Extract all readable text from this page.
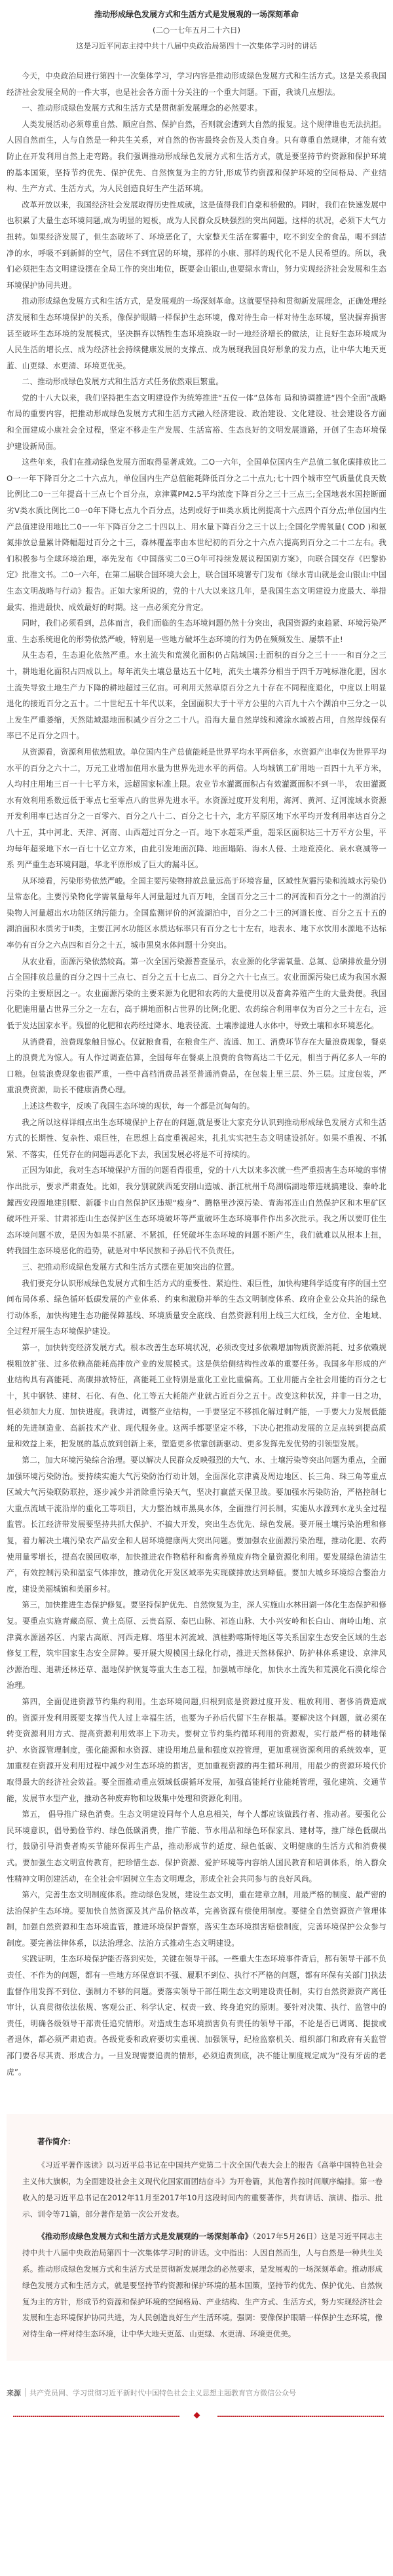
推动形成绿色发展方式和生活方式是发展观的一场深刻革命

(二○一七年五月二十六日)

这是习近平同志主持中共十八届中央政治局第四十一次集体学习时的讲话

今天，中央政治局进行第四十一次集体学习，学习内容是推动形成绿色发展方式和生活方式。这是关系我国经济社会发展全局的一件大事，也是社会各方面十分关注的一个重大问题。下面，我谈几点想法。

一、推动形成绿色发展方式和生活方式是贯彻新发展理念的必然要求。

人类发展活动必须尊重自然、顺应自然、保护自然，否则就会遭到大自然的报复。这个规律谁也无法抗拒。人因自然而生，人与自然是一种共生关系，对自然的伤害最终会伤及人类自身。只有尊重自然规律，才能有效防止在开发利用自然上走弯路。我们强调推动形成绿色发展方式和生活方式，就是要坚持节约资源和保护环境的基本国策，坚持节约优先、保护优先、自然恢复为主的方针,形成节约资源和保护环境的空间格局、产业结构、生产方式、生活方式，为人民创造良好生产生活环境。

改革开放以来，我国经济社会发展取得历史性成就，这是值得我们自豪和骄傲的。同时，我们在快速发展中也积累了大量生态环境问题,成为明显的短板，成为人民群众反映强烈的突出问题。这样的状况，必须下大气力扭转。如果经济发展了，但生态破坏了、环境恶化了，大家整天生活在雾霾中，吃不到安全的食品，喝不到洁净的水，呼吸不到新鲜的空气，居住不到宜居的环境，那样的小康、那样的现代化不是人民希望的。所以，我们必须把生态文明建设摆在全局工作的突出地位，既要金山银山,也要绿水青山，努力实现经济社会发展和生态环境保护协同共进。

推动形成绿色发展方式和生活方式，是发展观的一场深刻革命。这就要坚持和贯彻新发展理念，正确处理经济发展和生态环境保护的关系，像保护眼睛一样保护生态环境，像对待生命一样对待生态环境，坚决摒弃损害甚至破坏生态环境的发展模式，坚决摒弃以牺牲生态环境换取一时一地经济增长的做法，让良好生态环境成为人民生活的增长点、成为经济社会持续健康发展的支撑点、成为展现我国良好形象的发力点，让中华大地天更蓝、山更绿、水更清、环境更优美。

二、推动形成绿色发展方式和生活方式任务依然艰巨繁重。

党的十八大以来，我们坚持把生态文明建设作为统筹推进“五位一体”总体布 局和协调推进“四个全面”战略布局的重要内容，把推动形成绿色发展方式和生活方式融入经济建设、政治建设、文化建设、社会建设各方面和全面建成小康社会全过程，坚定不移走生产发展、生活富裕、生态良好的文明发展道路，开创了生态环境保护建设新局面。

这些年来，我们在推动绿色发展方面取得显著成效。二O一六年，全国单位国内生产总值二氧化碳排放比二O一一年下降百分之二十六点九，单位国内生产总值能耗降低百分之二十点九;七十四个城市空气质量优良天数比例比二0一三年提高十三点七个百分点，京津冀PM2.5平均浓度下降百分之三十三点三;全国地表水国控断面劣V类水质比例比二0一0年下降七点九个百分点，达到或好于III类水质比例提高十六点四个百分点;单位国内生产总值建设用地比二0一一年下降百分之二十四以上、用水量下降百分之三十以上;全国化学需氧量( COD )和氨氮排放总量累计降幅超过百分之十三，森林覆盖率由本世纪初的百分之十六点六提高到百分之二十二左右。我们积极参与全球环境治理，率先发布《中国落实二0三O年可持续发展议程国别方案》，向联合国交存《巴黎协定》批准文书。二0一六年，在第二届联合国环境大会上，联合国环境署专门发布《绿水青山就是金山银山:中国生态文明战略与行动》报告。正如大家所说的，党的十八大以来这几年，是我国生态文明建设力度最大、举措最实、推进最快、成效最好的时期。这一点必须充分肯定。

同时，我们必须看到，总体而言，我们面临的生态环境问题仍然十分突出，我国资源约束趋紧、环境污染严重、生态系统退化的形势依然严峻，特别是一些地方破坏生态环境的行为仍在频频发生、屡禁不止!

从生态看，生态退化依然严重。水土流失和荒漠化面积仍占陆域国:土面积的百分之三十一一和百分之三十，耕地退化面积占四成以上。每年流失土壤总量达五十亿吨，流失土壤养分相当于四千万吨标准化肥，因水土流失导致土地生产力下降的耕地超过三亿亩。可利用天然草原百分之九十存在不同程度退化，中度以上明显退化的接近百分之五十。二十世纪五十年代以来，全国面积大于十平方公里的六百九十六个湖泊中三分之一以上发生严重萎缩，天然陆域湿地面积减少百分之二十八。沿海大量自然岸线和滩涂水域被占用，自然岸线保有率已不足百分之四十。

从资源看，资源利用依然粗放。单位国内生产总值能耗是世界平均水平两倍多，水资源产出率仅为世界平均水平的百分之六十二，万元工业增加值用水量为世界先进水平的两倍。人均城镇工矿用地一百四十九平方米，人均村庄用地三百一十七平方米，远超国家标准上限。农业节水灌溉面积占有效灌溉面积不到一半， 农田灌溉水有效利用系数远低于零点七至零点八的世界先进水平。水资源过度开发利用，海河、黄河、辽河流域水资源开发利用率已达百分之一百零六、百分之八十二、百分之七十六，北方平原区地下水平均开发利用率达百分之八十五，其中河北、天津、河南、山西超过百分之一百。地下水超采严重，超采区面积达三十万平方公里，平均每年超采地下水一百七十亿立方米，由此引发地面沉降、地面塌陷、海水人侵、土地荒漠化、泉水衰减等一系 列严重生态环境问题，华北平原形成了巨大的漏斗区。

从环境看，污染形势依然严峻。全国主要污染物排放总量远高于环境容量，区域性灰霾污染和流域水污染仍呈常态化。主要污染物化学需氧量每年人河量超过九百万吨，全国百分之三十二的河流和百分之十一的湖泊污染物人河量超出水功能区纳污能力。全国监测评价的河流湖泊中，百分之二十三的河道长度、百分之五十五的湖泊面积水质劣于II类，主要江河水功能区水质达标率只有百分之七十左右，地表水、地下水饮用水源地不达标率仍有百分之六点四和百分之十五，城市黑臭水体问题十分突出。

从农业看，面源污染依然较高。第一次全国污染源普查显示，农业源的化学需氧量、总氮、总磷排放量分别占全国排放总量的百分之四十三点七、百分之五十七点二、百分之六十七点三。农业面源污染已成为我国水源污染的主要原因之一。农业面源污染的主要来源为化肥和农药的大量使用以及畜禽养殖产生的大量粪便。我国化肥施用量占世界三分之一左右，高于耕地面积占世界的比例;化肥、农药综合利用率仅为百分之三十左右，远低于发达国家水平。残留的化肥和农药经过降水、地表径流、土壤渗滤进人水体中，导致土壤和水环境恶化。

从消费看，浪费现象触目惊心。仅就粮食看，在粮食生产、流通、加工、消费环节存在大量浪费现象，餐桌上的浪费尤为惊人。有人作过调查估算，全国每年在餐桌上浪费的食物高达二千亿元，相当于两亿多人一年的口粮。包装浪费现象也很严重，一些中高档消费品甚至普通消费品，在包装上里三层、外三层。过度包装，严重浪费资源，助长不健康消费心理。

上述这些数字，反映了我国生态环境的现状，每一个都是沉甸甸的。

我之所以这样详细点出生态环境保护上存在的问题,就是要让大家充分认识到推动形成绿色发展方式和生活方式的长期性、复杂性、艰巨性，在思想上高度重视起来，扎扎实实把生态文明建设抓好。如果不重视、不抓紧、不落实，任凭存在的问题再恶化下去，我国发展必将是不可持续的。

正因为如此，我对生态环境保护方面的问题看得很重，党的十八大以来多次就一些严重损害生态环境的事情作出批示，要求严肃查处。比如，我分别就陕西延安削山造城、浙江杭州千岛湖临湖地带违规搞建设、秦岭北麓西安段圈地建别墅、新疆卡山自然保护区违规“瘦身”、腾格里沙漠污染、青海祁连山自然保护区和木里矿区破坏性开采、甘肃祁连山生态保护区生态环境破坏等严重破坏生态环境事件作出多次批示。我之所以要盯住生态环境问题不放，是因为如果不抓紧、不紧抓，任凭破坏生态环境的问题不断产生，我们就难以从根本上扭，转我国生态环境恶化的趋势，就是对中华民族和子孙后代不负责任。

三、把推动形成绿色发展方式和生活方式摆在更加突出的位置。

我们要充分认识形成绿色发展方式和生活方式的重要性、紧迫性、艰巨性，加快构建科学适度有序的国土空间布局体系、绿色循环低碳发展的产业体系、约束和激励并举的生态文明制度体系、政府企业公众共治的绿色行动体系，加快构建生态功能保障基线、环境质量安全底线、自然资源利用上线三大红线，全方位、全地域、全过程开展生态环境保护建设。

第一，加快转变经济发展方式。根本改善生态环境状况，必须改变过多依赖增加物质资源消耗、过多依赖规模粗放扩张、过多依赖高能耗高排放产业的发展模式。这是供给侧结构性改革的重要任务。我国多年形成的产业结构具有高能耗、高碳排放特征，高能耗工业特别是重化工业比重偏高。工业用能占全社会用能的百分之七十，其中钢铁、建材、石化、有色、化工等五大耗能产业就占近百分之五十。改变这种状况，并非一日之功，但必须加大力度、加快进度。我讲过，调整产业结构，一手要坚定不移抓化解过剩产能，一手要大力发展低能耗的先进制造业、高新技术产业、现代服务业。这两手都要坚定不移，下决心把推动发展的立足点转到提高质量和效益上来，把发展的基点放到创新上来，塑造更多依靠创新驱动、更多发挥先发优势的引领型发展。

第二，加大环境污染综合治理。要以解决人民群众反映强烈的大气、水、土壤污染等突出问题为重点，全面加强环境污染防治。要持续实施大气污染防治行动计划，全面深化京津冀及周边地区、长三角、珠三角等重点区域大气污染联防联控，逐步减少并消除重污染天气，坚决打赢蓝天保卫战。要加强水污染防治，严格控制七大重点流域干流沿岸的重化工等项目，大力整治城市黑臭水体，全面推行河长制，实施从水源到水龙头全过程监管。长江经济带发展要坚持共抓大保护、不搞大开发，突出生态优先、绿色发展。要开展土壤污染治理和修复，着力解决土壤污染农产品安全和人居环境健康两大突出问题。要加强农业面源污染治理，推动化肥、农药使用量零增长，提高农膜回收率，加快推进农作物秸秆和畜禽养殖废弃物全量资源化利用。要发展绿色清洁生产，有效控制污染和温室气体排放，推动优化开发区域率先实现碳排放达到峰值。要加大城乡环境综合整治力度，建设美丽城镇和美丽乡村。

第三，加快推进生态保护修复。要坚持保护优先、自然恢复为主，深人实施山水林田湖一体化生态保护和修复。要重点实施青藏高原、黄土高原、云贵高原、秦巴山脉、祁连山脉、大小兴安岭和长白山、南岭山地、京津冀水源涵养区、内蒙古高原、河西走廊、塔里木河流域、滇桂黔喀斯特地区等关系国家生态安全区域的生态修复工程，筑牢国家生态安全屏障。要开展大规模国土绿化行动，推进天然林保护、防护林体系建设、京津风沙源治理、退耕还林还草、湿地保护恢复等重大生态工程，加强城市绿化，加快水土流失和荒漠化石漠化综合治理。

第四，全面促进资源节约集约利用。生态环境问题,归根到底是资源过度开发、粗放利用、奢侈消费造成的。资源开发利用既要支撑当代人过上幸福生活，也要为子孙后代留下生存根基。要解决这个问题，就必须在转变资源利用方式、提高资源利用效率上下功夫。要树立节约集约循环利用的资源观，实行最严格的耕地保护、水资源管理制度，强化能源和水资源、建设用地总量和强度双控管理，更加重视资源利用的系统效率，更加重视在资源开发利用过程中减少对生态环境的损害，更加重视资源的再生循环利用，用最少的资源环境代价取得最大的经济社会效益。要全面推动重点领域低碳循环发展，加强高能耗行业能耗管理，强化建筑、交通节能，发展节水型产业，推动各种废弃物和垃圾集中处理和资源化利用。

第五， 倡导推广绿色消费。生态文明建设同每个人息息相关，每个人都应该做践行者、推动者。要强化公民环境意识，倡导勤俭节约、绿色低碳消费，推广节能、节水用品和绿色环保家具、建材等，推广绿色低碳出行，鼓励引导消费者购买节能环保再生产品，推动形成节约适度、绿色低碳、文明健康的生活方式和消费模式。要加强生态文明宣传教育，把珍惜生态、保护资源、爱护环境等内容纳人国民教育和培训体系，纳入群众性精神文明创建活动，在全社会牢固树立生态文明理念，形成全社会共同参与的良好风尚。

第六，完善生态文明制度体系。推动绿色发展，建设生态文明，重在建章立制，用最严格的制度、最严密的法治保护生态环境。要加快自然资源及其产品价格改革，完善资源有偿使用制度。要健全自然资源资产管理体制，加强自然资源和生态环境监管，推进环境保护督察，落实生态环境损害赔偿制度，完善环境保护公众参与制度。要完善法律体系，以法治理念、法治方式推动生态文明建设。

实践证明，生态环境保护能否落到实处，关键在领导干部。一些重大生态环境事件背后，都有领导干部不负责任、不作为的问题，都有一些地方环保意识不强、履职不到位、执行不严格的问题，都有环保有关部门]执法监督作用发挥不到位、强制力不够的问题。要落实领导干部任期生态文明建设责任制，实行自然资源资产离任审计，认真贯彻依法依规、客观公正、科学认定、权责一致、终身追究的原则。要针对决策、执行、监管中的责任，明确各级领导干部责任追究情形。对造成生态环境损害负有责任的领导干部，不论是否已调离、提拔或者退休，都必须严肃追责。各级党委和政府要切实重视、加强领导，纪检监察机关、组织部门和政府有关监管部门要各尽其责、形成合力。一旦发现需要追责的情形，必须追责到底，决不能让制度规定成为“没有牙齿的老虎”。

著作简介：

《习近平著作选读》以习近平总书记在中国共产党第二十次全国代表大会上的报告《高举中国特色社会主义伟大旗帜，为全面建设社会主义现代化国家而团结奋斗》为开卷篇，其他著作按时间顺序编排。第一卷收入的是习近平总书记在2012年11月至2017年10月这段时间内的重要著作，共有讲话、演讲、指示、批示、训令等71篇，部分著作是第一次公开发表。

《推动形成绿色发展方式和生活方式是发展观的一场深刻革命》（2017年5月26日）这是习近平同志主持中共十八届中央政治局第四十一次集体学习时的讲话。文中指出：人因自然而生，人与自然是一种共生关系。推动形成绿色发展方式和生活方式是贯彻新发展理念的必然要求，是发展观的一场深刻革命。推动形成绿色发展方式和生活方式，就是要坚持节约资源和保护环境的基本国策，坚持节约优先、保护优先、自然恢复为主的方针，形成节约资源和保护环境的空间格局、产业结构、生产方式、生活方式，努力实现经济社会发展和生态环境保护协同共进，为人民创造良好生产生活环境。强调：要像保护眼睛一样保护生态环境，像对待生命一样对待生态环境，让中华大地天更蓝、山更绿、水更清、环境更优美。

来源 共产党员网、学习贯彻习近平新时代中国特色社会主义思想主题教育官方微信公众号
